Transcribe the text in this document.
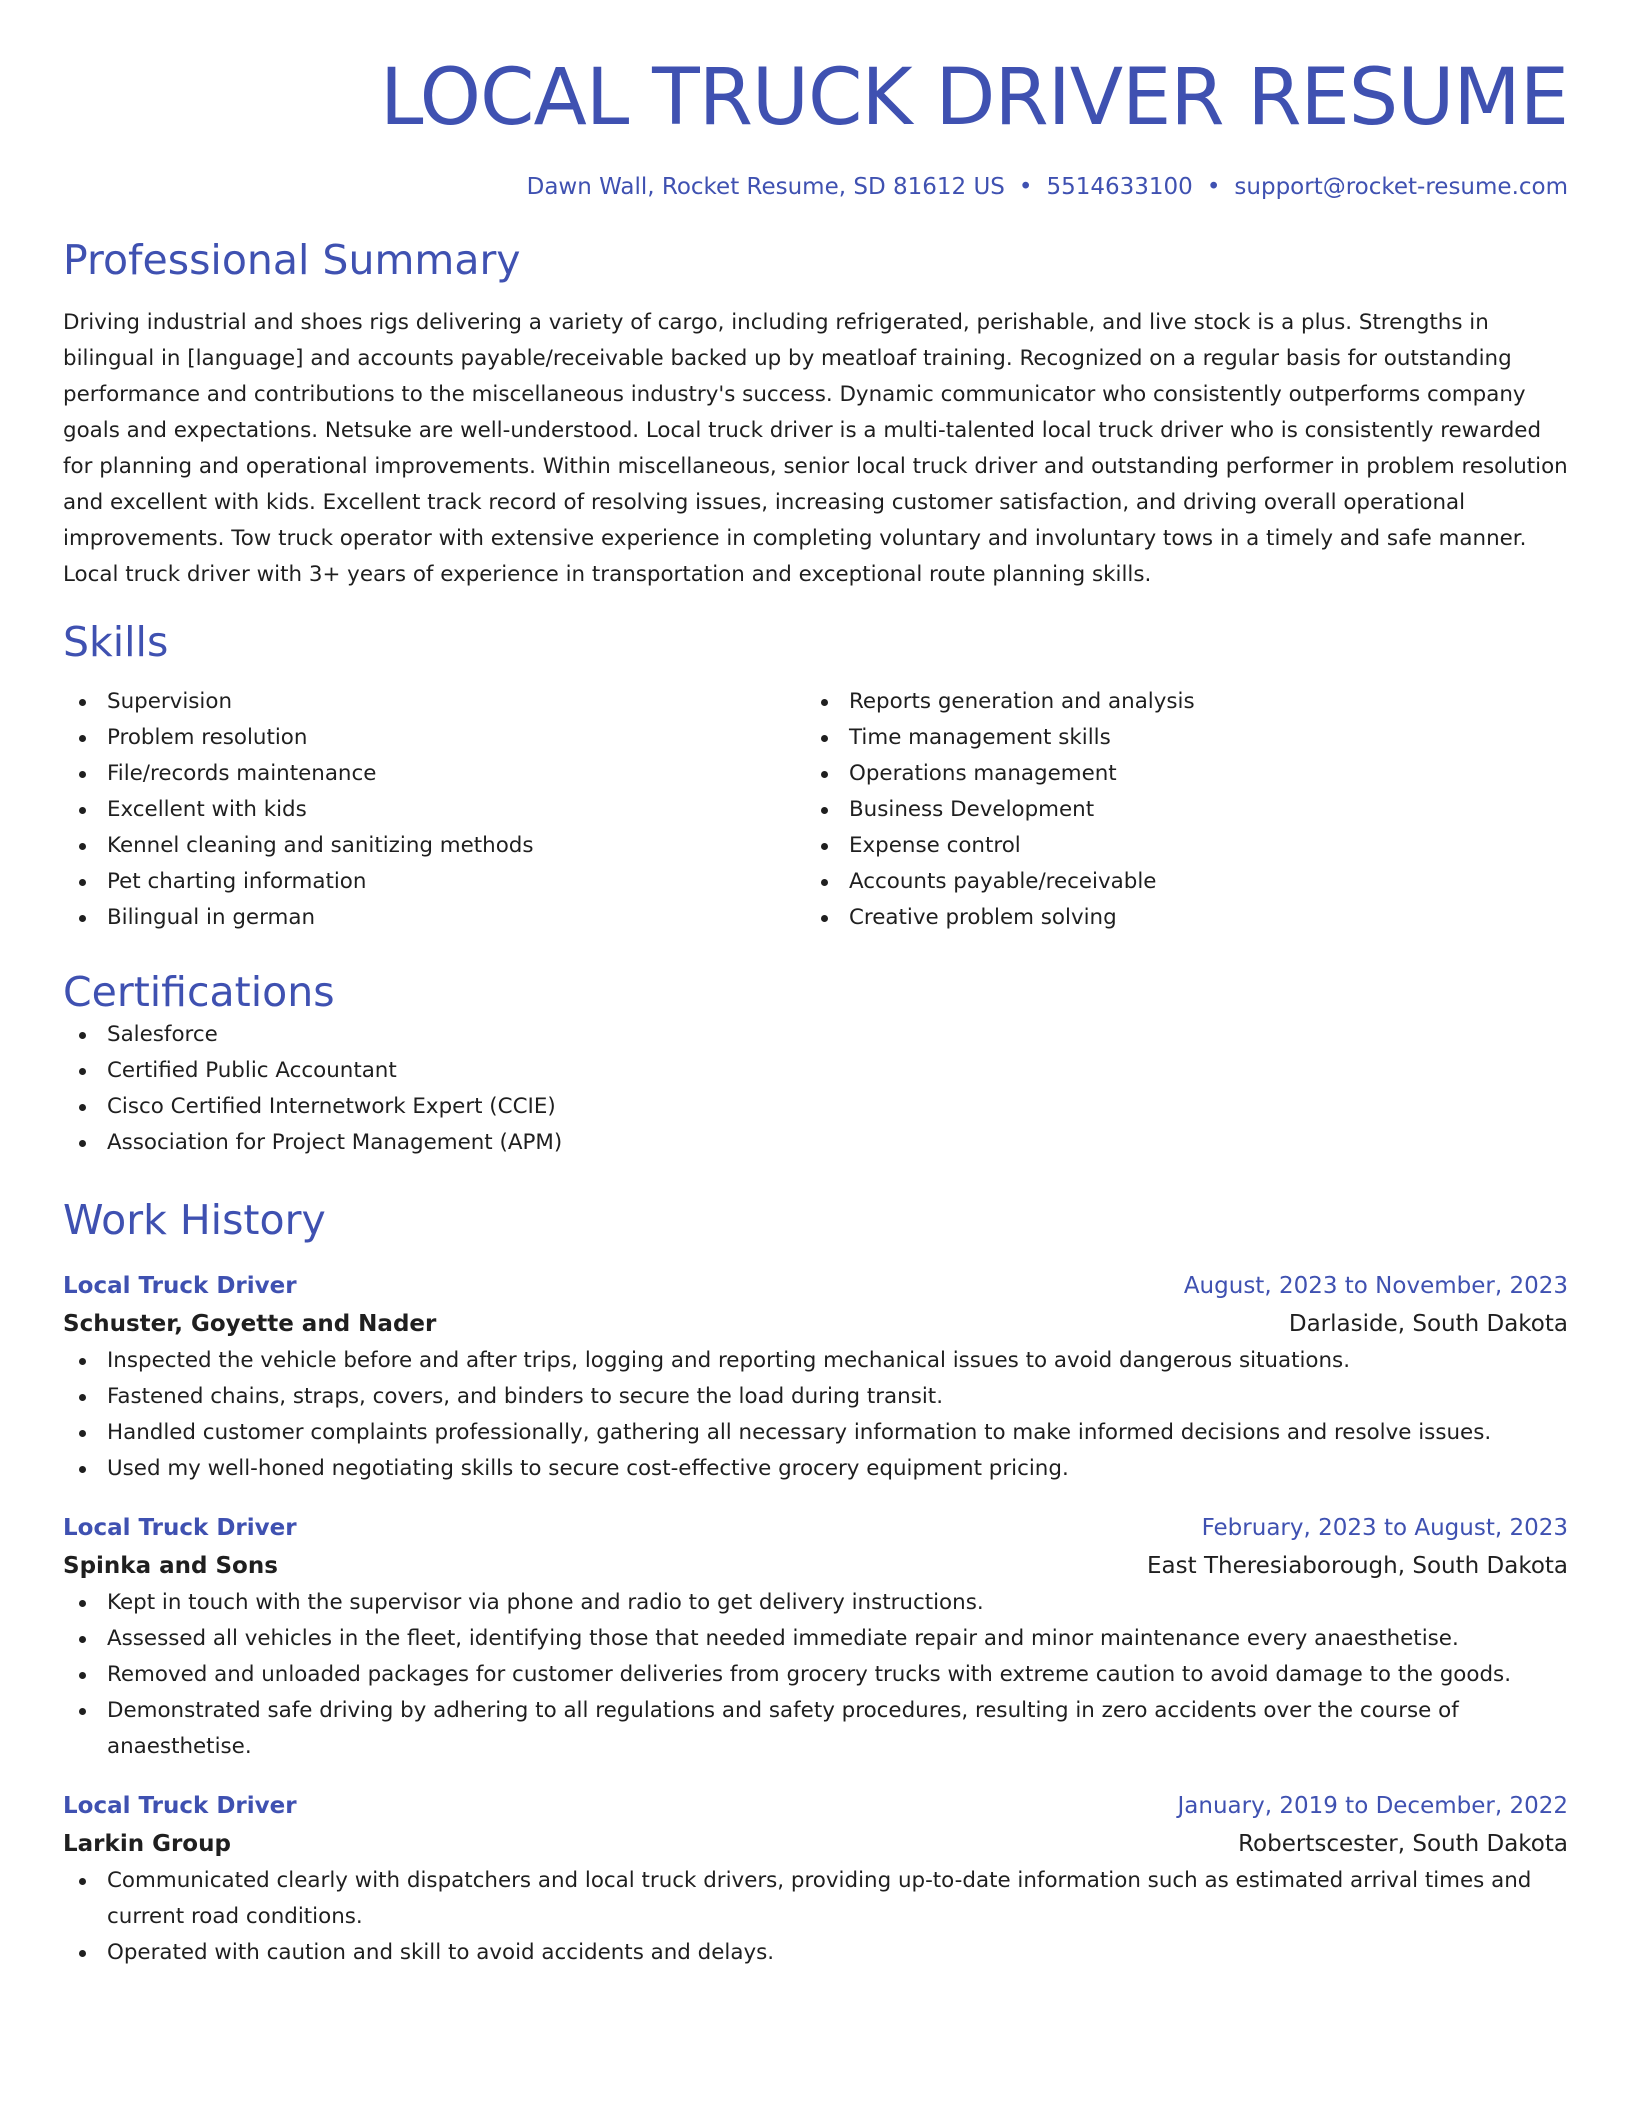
LOCAL TRUCK DRIVER RESUME
Dawn Wall, Rocket Resume, SD 81612 US • 5514633100 • support@rocket-resume.com
Professional Summary

Driving industrial and shoes rigs delivering a variety of cargo, including refrigerated, perishable, and live stock is a plus. Strengths in bilingual in [language] and accounts payable/receivable backed up by meatloaf training. Recognized on a regular basis for outstanding performance and contributions to the miscellaneous industry's success. Dynamic communicator who consistently outperforms company goals and expectations. Netsuke are well-understood. Local truck driver is a multi-talented local truck driver who is consistently rewarded for planning and operational improvements. Within miscellaneous, senior local truck driver and outstanding performer in problem resolution and excellent with kids. Excellent track record of resolving issues, increasing customer satisfaction, and driving overall operational improvements. Tow truck operator with extensive experience in completing voluntary and involuntary tows in a timely and safe manner. Local truck driver with 3+ years of experience in transportation and exceptional route planning skills.

Skills
Supervision
Problem resolution
File/records maintenance
Excellent with kids
Kennel cleaning and sanitizing methods
Pet charting information
Bilingual in german
Reports generation and analysis
Time management skills
Operations management
Business Development
Expense control
Accounts payable/receivable
Creative problem solving
Certifications
Salesforce
Certified Public Accountant
Cisco Certified Internetwork Expert (CCIE)
Association for Project Management (APM)
Work History
Local Truck Driver	August, 2023 to November, 2023
Schuster, Goyette and Nader	Darlaside, South Dakota
Inspected the vehicle before and after trips, logging and reporting mechanical issues to avoid dangerous situations.
Fastened chains, straps, covers, and binders to secure the load during transit.
Handled customer complaints professionally, gathering all necessary information to make informed decisions and resolve issues.
Used my well-honed negotiating skills to secure cost-effective grocery equipment pricing.
Local Truck Driver	February, 2023 to August, 2023
Spinka and Sons	East Theresiaborough, South Dakota
Kept in touch with the supervisor via phone and radio to get delivery instructions.
Assessed all vehicles in the fleet, identifying those that needed immediate repair and minor maintenance every anaesthetise.
Removed and unloaded packages for customer deliveries from grocery trucks with extreme caution to avoid damage to the goods.
Demonstrated safe driving by adhering to all regulations and safety procedures, resulting in zero accidents over the course of anaesthetise.
Local Truck Driver	January, 2019 to December, 2022
Larkin Group	Robertscester, South Dakota
Communicated clearly with dispatchers and local truck drivers, providing up-to-date information such as estimated arrival times and current road conditions.
Operated with caution and skill to avoid accidents and delays.
